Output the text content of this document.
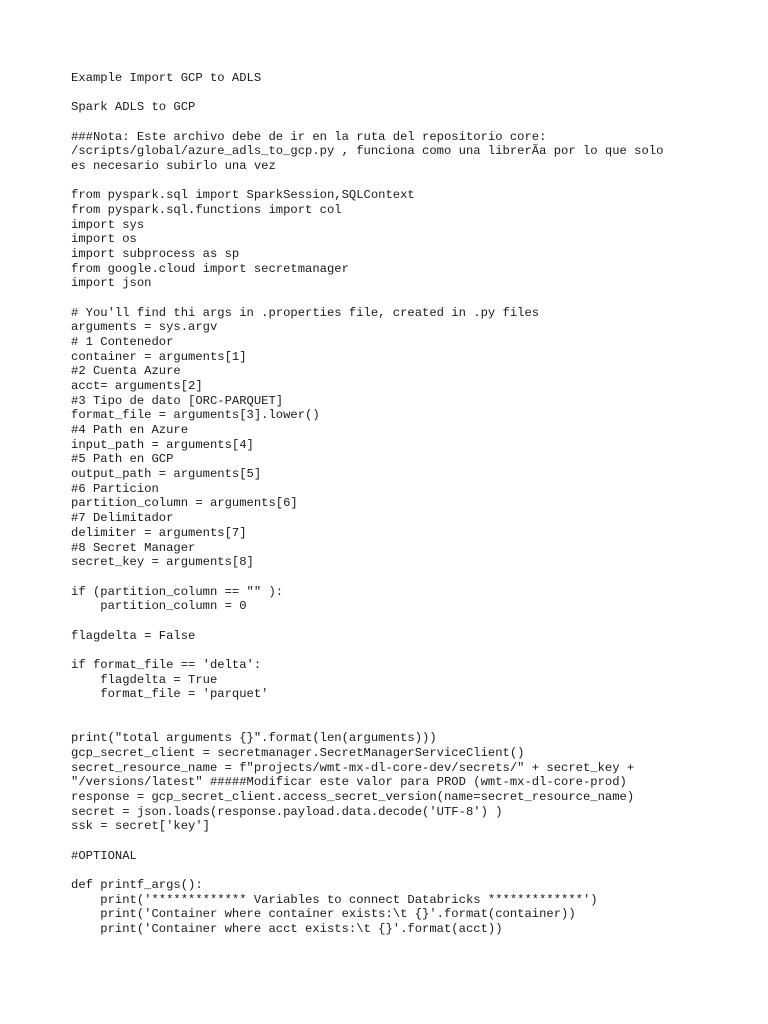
Example Import GCP to ADLS
Spark ADLS to GCP
###Nota: Este archivo debe de ir en la ruta del repositorio core:
/scripts/global/azure_adls_to_gcp.py , funciona como una librerÃa por lo que solo
es necesario subirlo una vez
from pyspark.sql import SparkSession,SQLContext
from pyspark.sql.functions import col
import sys
import os
import subprocess as sp
from google.cloud import secretmanager
import json
# You'll find thi args in .properties file, created in .py files
arguments = sys.argv
# 1 Contenedor
container = arguments[1]
#2 Cuenta Azure
acct= arguments[2]
#3 Tipo de dato [ORC-PARQUET]
format_file = arguments[3].lower()
#4 Path en Azure
input_path = arguments[4]
#5 Path en GCP
output_path = arguments[5]
#6 Particion
partition_column = arguments[6]
#7 Delimitador
delimiter = arguments[7]
#8 Secret Manager
secret_key = arguments[8]
if (partition_column == "" ):
partition_column = 0
flagdelta = False
if format_file == 'delta':
flagdelta = True
format_file = 'parquet'
print("total arguments {}".format(len(arguments)))
gcp_secret_client = secretmanager.SecretManagerServiceClient()
secret_resource_name = f"projects/wmt-mx-dl-core-dev/secrets/" + secret_key +
"/versions/latest" #####Modificar este valor para PROD (wmt-mx-dl-core-prod)
response = gcp_secret_client.access_secret_version(name=secret_resource_name)
secret = json.loads(response.payload.data.decode('UTF-8') )
ssk = secret['key']
#OPTIONAL
def printf_args():
print('************* Variables to connect Databricks *************')
print('Container where container exists:\t {}'.format(container))
print('Container where acct exists:\t {}'.format(acct))
